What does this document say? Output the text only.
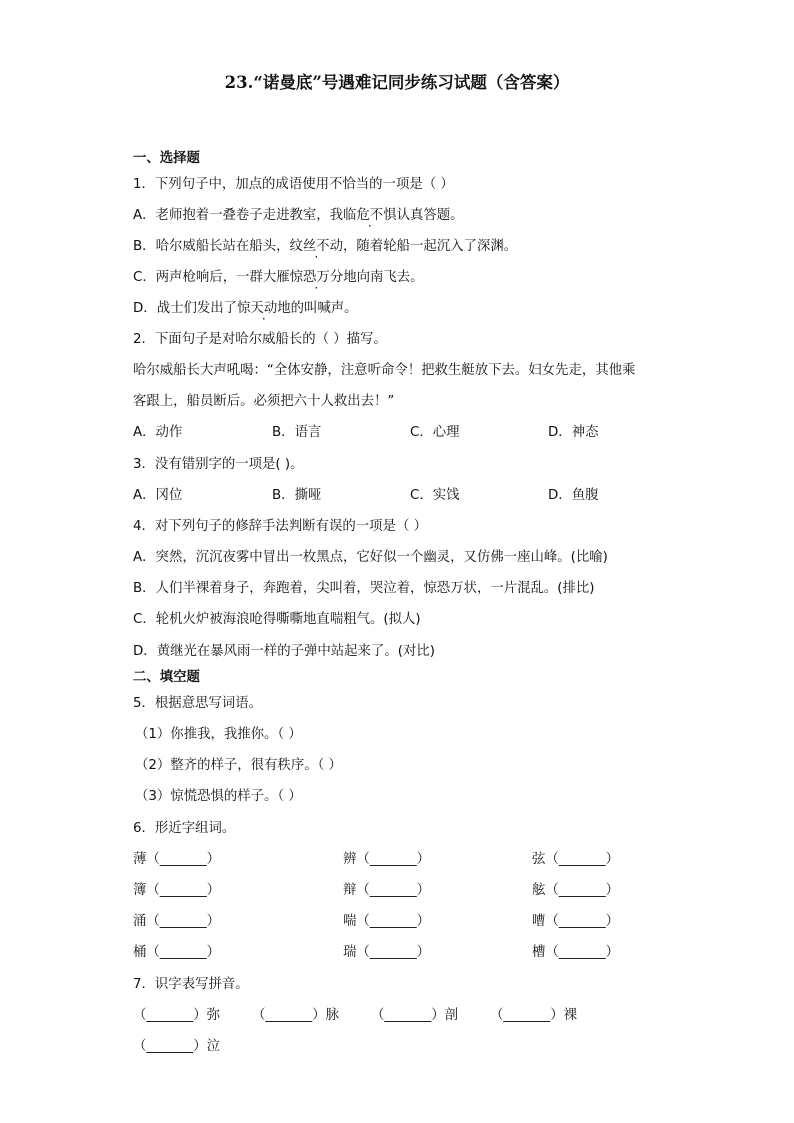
23.“诺曼底”号遇难记同步练习试题（含答案）
一、选择题
1．下列句子中，加点的成语使用不恰当的一项是（ ）
A．老师抱着一叠卷子走进教室，我临危不惧认真答题。
B．哈尔威船长站在船头，纹丝不动，随着轮船一起沉入了深渊。
C．两声枪响后，一群大雁惊恐万分地向南飞去。
D．战士们发出了惊天动地的叫喊声。
2．下面句子是对哈尔威船长的（ ）描写。
哈尔威船长大声吼喝：“全体安静，注意听命令！把救生艇放下去。妇女先走，其他乘
客跟上，船员断后。必须把六十人救出去！”
A．动作	B．语言	C．心理	D．神态
3．没有错别字的一项是( )。
A．冈位	B．撕哑	C．实饯	D．鱼腹
4．对下列句子的修辞手法判断有误的一项是（ ）
A．突然，沉沉夜雾中冒出一枚黑点，它好似一个幽灵，又仿佛一座山峰。(比喻)
B．人们半裸着身子，奔跑着，尖叫着，哭泣着，惊恐万状，一片混乱。(排比)
C．轮机火炉被海浪呛得嘶嘶地直喘粗气。(拟人)
D．黄继光在暴风雨一样的子弹中站起来了。(对比)
二、填空题
5．根据意思写词语。
（1）你推我，我推你。（ ）
（2）整齐的样子，很有秩序。（ ）
（3）惊慌恐惧的样子。（ ）
6．形近字组词。
薄（_______）	辨（_______）	弦（_______）
簿（_______）	辩（_______）	舷（_______）
涌（_______）	喘（_______）	嘈（_______）
桶（_______）	瑞（_______）	槽（_______）
7．识字表写拼音。
（_______）弥 （_______）脉 （_______）剖 （_______）裸
（_______）泣
